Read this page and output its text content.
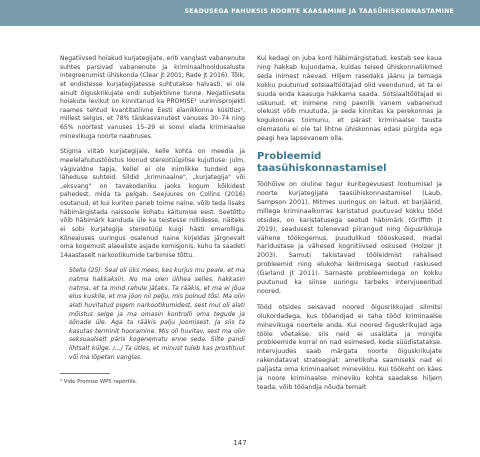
SEADUSEGA PAHUKSIS NOORTE KAASAMINE JA TAASÜHISKONNASTAMINE

Negatiivsed hoiakud kurjategijate, eriti vanglast vabanenute suhtes parsivad vabanenute ja kriminaalhooldusaluste integreerumist ühiskonda (Clear jt 2001; Rade jt 2016). Tõik, et endistesse kurjategijatesse suhtutakse halvasti, ei ole ainult õiguskrikujate endi subjektiivne tunne. Negatiivsete hoiakute levikut on kinnitanud ka PROMISE¹ uurimisprojekti raames tehtud kvantitatiivne Eesti elanikkonna küsitlus¹, millest selgus, et 78% täiskasvanutest vanuses 30–74 ning 65% noortest vanuses 15–29 ei soovi elada kriminaalse minevikuga noorte naabruses.

Stigma viitab kurjategijale, kelle kohta on meedia ja meelelahutustööstus loonud stereotüüpilise kujutluse: julm, vägivaldne tapja, kellel ei ole inimlikke tundeid ega läheduse suhteid. Sildid „kriminaalne", „kurjategija" või „eksvang" on tavakodaniku jaoks kogum kõikidest pahedest, mida ta pelgab. Seejuures on Collins (2016) osutanud, et kui kuriteo paneb toime naine, võib teda lisaks häbimärgistada naissoole kohatu käitumise eest. Seetõttu võib häbimärk kanduda üle ka teistesse rollidesse, näiteks ei sobi kurjategija stereotüüp kuigi hästi emarolliga. Kõneaiuses uuringus osalenud naine kirjeldas järgnevalt oma kogemust alaealiste asjade komisjonis, kuhu ta saadeti 14aastaselt narkootikumide tarbimise tõttu.

Stella (25): Seal oli üks mees, kes kurjus mu peale, et ma natma hakkaksin. No ma olen üliheа selles, hakkasin natma, et ta mind rahule jätaks. Ta rääkis, et ma ei jõua elus kuskile, et ma jöon nii pelju, mis polnud tõsi. Ma olin alati huvitatud pigem narkootikumidest, sest mul oli alati mõistus selge ja ma omasin kontrolli oma tegude ja sõnade üle. Aga ta rääkis palju joomisest. Ja siis ta kasutas terminit hooramine. Mis oli huvitav, sest ma olin seksuaalselt päris kogenematu enne seda. Silte pandi lihtsalt külge. /.../ Ta ütles, et minust tuleb kas prostituut või ma lõpetan vanglas.

Kui kedagi on juba kord häbimärgistatud, kestab see kaua ning hakkab kujundama, kuidas teised ühiskonnaliikmed seda inimest näevad. Hiljem rasedaks jäänu ja temaga kokku puutunud sotsiaaltöötajad olid veendunud, et ta ei suuda enda kaasuga hakkama saada. Sotsiaaltöötajad ei uskunud, et inimene ning paenlik vanem vabanenud olekust võib muutuda, ja seda kinnitas ka perekonnas ja kogukonnas toimunu, et pärast kriminaalse tausta olemasolu ei ole tal lihtne ühiskonnas edasi pürgida ega peagi hea lapsevanem olla.

Probleemid taasühiskonnastamisel

Tööhõive on oluline tegur kuritegevusest loobumisel ja noorte kurjategijate taasühiskonnastamisel (Laub, Sampson 2001). Mitmes uuringus on leitud, et barjäärid, millega kriminaalkorras karistatud puutuvad kokku tööd otsides, on karistatusega seotud häbimärk (Griffith jt 2019), seadusest tulenevad piirangud ning õigusrikkuja vähene töökogemus, puudulikud tööoskused, madal haridustase ja vähesed kognitiivsed oskused (Holzer jt 2003). Samuti takistavad tööleidmist rahalised probleemid ning elukoha leidmisega seotud raskused (Garland jt 2011). Sarnaste probleemidega on kokku puutunud ka siinse uuringu tarbeks intervjueeritud noored.

Tööd otsides seisavad noored õigusrikkujad silmitsi olukordadega, kus tööandjad ei taha tööd kriminaalse minevikuga noortele anda. Kui noored õiguskrikujad aga tööle võetakse, siis neid ei usaldata ja mingite probleemide korral on nad esimesed, keda süüdistatakse. Intervjuudes saab märgata noorte õiguskrikujate rakendatavat strateegiat: ametikoha saamiseks nad ei paljasta oma kriminaalset minevikku. Kui töökoht on käes ja noore kriminaalse mineviku kohta saadakse hiljem teada, võib tööandja nõuda temalt

¹ Vide Promise WP5 raportile.
147
